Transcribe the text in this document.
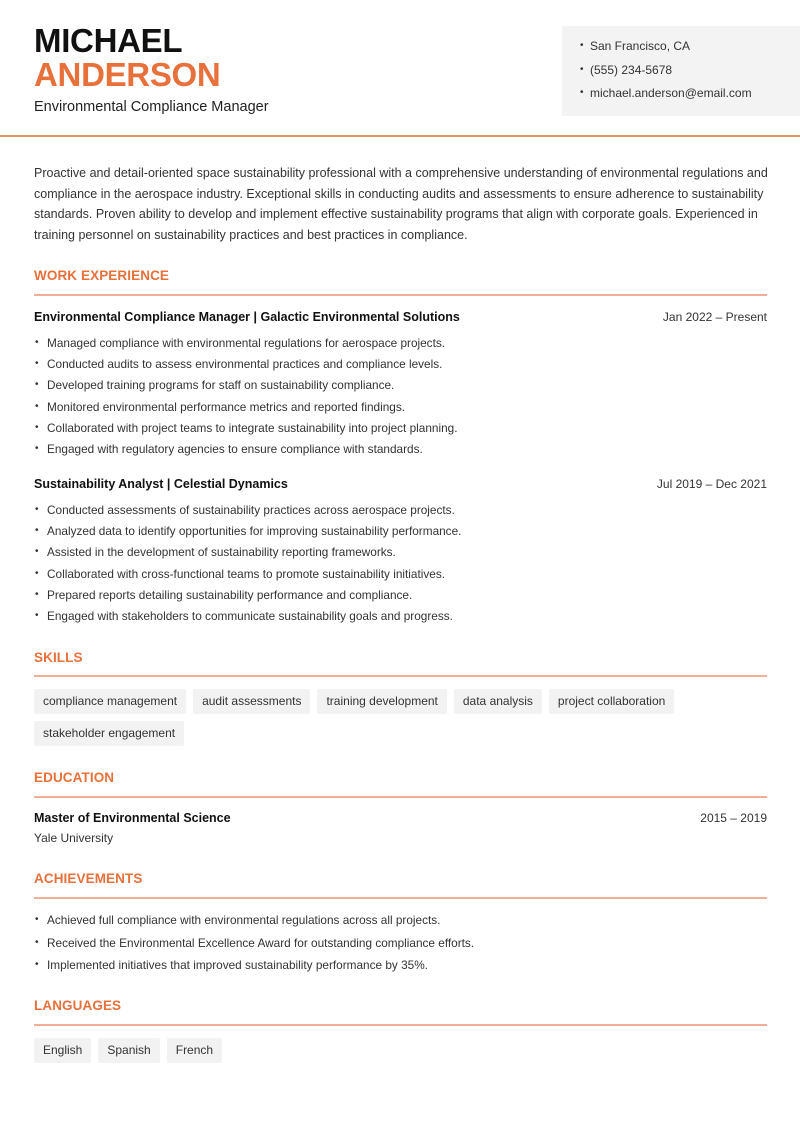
MICHAEL
ANDERSON
Environmental Compliance Manager
• San Francisco, CA
• (555) 234-5678
• michael.anderson@email.com

Proactive and detail-oriented space sustainability professional with a comprehensive understanding of environmental regulations and compliance in the aerospace industry. Exceptional skills in conducting audits and assessments to ensure adherence to sustainability standards. Proven ability to develop and implement effective sustainability programs that align with corporate goals. Experienced in training personnel on sustainability practices and best practices in compliance.

WORK EXPERIENCE
Environmental Compliance Manager | Galactic Environmental Solutions	Jan 2022 – Present
• Managed compliance with environmental regulations for aerospace projects.
• Conducted audits to assess environmental practices and compliance levels.
• Developed training programs for staff on sustainability compliance.
• Monitored environmental performance metrics and reported findings.
• Collaborated with project teams to integrate sustainability into project planning.
• Engaged with regulatory agencies to ensure compliance with standards.
Sustainability Analyst | Celestial Dynamics	Jul 2019 – Dec 2021
• Conducted assessments of sustainability practices across aerospace projects.
• Analyzed data to identify opportunities for improving sustainability performance.
• Assisted in the development of sustainability reporting frameworks.
• Collaborated with cross-functional teams to promote sustainability initiatives.
• Prepared reports detailing sustainability performance and compliance.
• Engaged with stakeholders to communicate sustainability goals and progress.
SKILLS
compliance management	audit assessments	training development	data analysis	project collaboration
stakeholder engagement
EDUCATION
Master of Environmental Science	2015 – 2019
Yale University
ACHIEVEMENTS
• Achieved full compliance with environmental regulations across all projects.
• Received the Environmental Excellence Award for outstanding compliance efforts.
• Implemented initiatives that improved sustainability performance by 35%.
LANGUAGES
English	Spanish	French
